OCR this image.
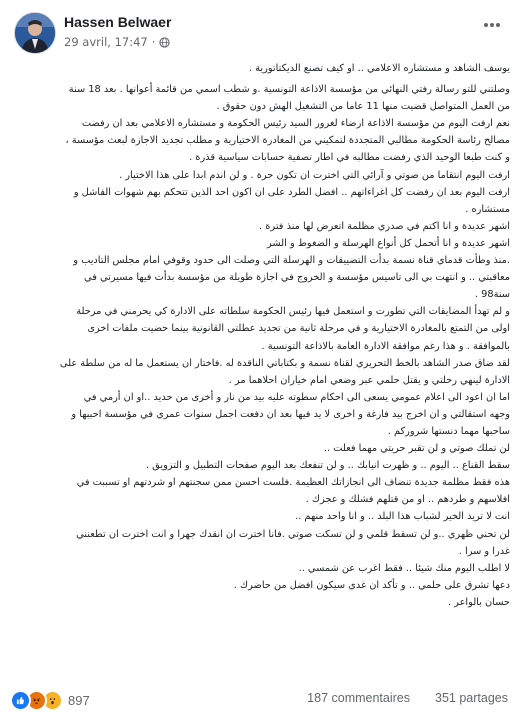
Hassen Belwaer
29 avril, 17:47 ·

يوسف الشاهد و مستشاره الاعلامي .. او كيف تصنع الديكتاتورية .

وصلتني للتو رسالة رفتي النهائي من مؤسسة الاذاعة التونسية .و شطب اسمي من قائمة أعوانها . بعد 18 سنة

من العمل المتواصل قضيت منها 11 عاما من التشغيل الهش دون حقوق .

نعم ارفت اليوم من مؤسسة الاذاعة ارضاء لغرور السيد رئيس الحكومة و مستشاره الاعلامي بعد ان رفضت

مصالح رئاسة الحكومة مطالبي المتجددة لتمكيني من المغادرة الاختيارية و مطلب تجديد الاجازة لبعث مؤسسة ،

و كنت طبعا الوحيد الذي رفضت مطالبه في اطار تصفية حسابات سياسية قذرة .

ارفت اليوم انتقاما من صوتي و آرائي التي اخترت ان تكون حرة . و لن اندم ابدا على هذا الاختيار .

ارفت اليوم بعد ان رفضت كل اغراءاتهم .. افضل الطرد على ان اكون احد الذين تتحكم بهم شهوات الفاشل و

مستشاره .

اشهر عديدة و انا اكتم في صدري مظلمة اتعرض لها منذ فترة .

اشهر عديدة و انا أتحمل كل أنواع الهرسلة و الضغوط و الشر

.منذ وطأت قدماي قناة نسمة بدأت التضييقات و الهرسلة التي وصلت الى حدود وقوفي امام مجلس التاديب و

معاقبتي .. و انتهت بي الى تاسيس مؤسسة و الخروج في اجازة طويلة من مؤسسة بدأت فيها مسيرتي في

سنة98 .

و لم تهدأ المضايقات التي تطورت و استعمل فيها رئيس الحكومة سلطاته على الادارة كي يحرمني في مرحلة

اولى من التمتع بالمغادرة الاختيارية و في مرحلة ثانية من تجديد عطلتي القانونية بينما حضيت ملفات اخرى

بالموافقة . و هذا رغم موافقة الادارة العامة بالاذاعة التونسية .

لقد ضاق صدر الشاهد بالخط التحريري لقناة نسمة و بكتاباتي الناقدة له .فاختار ان يستعمل ما له من سلطة على

الادارة لينهي رحلتي و يقتل حلمي عبر وضعي امام خياران احلاهما مر .

اما ان اعود الى اعلام عمومي يسعى الى احكام سطوته عليه بيد من نار و أخرى من حديد ..او ان أرمي في

وجهه استقالتي و ان اخرج بيد فارغة و اخرى لا يد فيها بعد ان دفعت اجمل سنوات عمري في مؤسسة احببها و

ساحبها مهما دنستها شروركم .

لن تملك صوتي و لن تقبر حريتي مهما فعلت ..

سقط القناع .. اليوم .. و ظهرت انيابك .. و لن تنفعك بعد اليوم صفحات التطبيل و التزويق .

هذه فقط مظلمة جديدة تنضاف الى انجازاتك العظيمة .فلست احسن ممن سجنتهم او شردتهم او تسببت في

افلاسهم و طردهم .. او من قتلهم فشلك و عجزك .

انت لا تريد الخير لشباب هذا البلد .. و انا واحد منهم ..

لن تحني ظهري ..و لن تسقط قلمي و لن تسكت صوتي .فانا اخترت ان انقدك جهرا و انت اخترت ان تطعنني

غدرا و سرا .

لا اطلب اليوم منك شيئا .. فقط اغرب عن شمسي ..

دعها تشرق على حلمي .. و تأكد ان غدي سيكون افضل من حاضرك .

حسان بالواعر .

897	187 commentaires 351 partages
